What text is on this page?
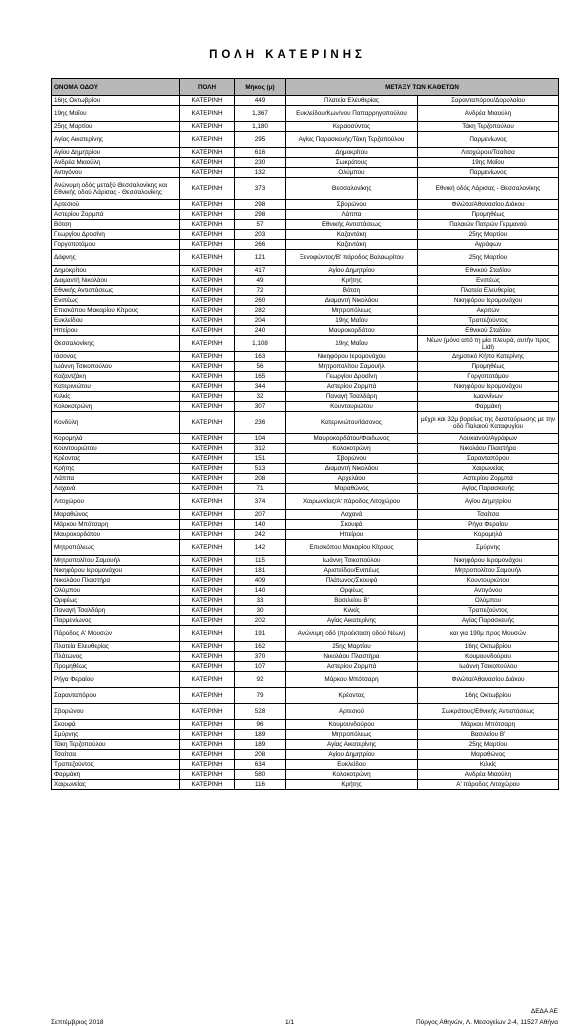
ΠΟΛΗ ΚΑΤΕΡΙΝΗΣ
ΟΝΟΜΑ ΟΔΟΥ	ΠΟΛΗ	Μήκος (μ)	ΜΕΤΑΞΥ ΤΩΝ ΚΑΘΕΤΩΝ	
16ης Οκτωβρίου	ΚΑΤΕΡΙΝΗ	449	Πλατεία Ελευθερίας	Σαρανταπόρου/Δορυλαίου
19ης Μαΐου	ΚΑΤΕΡΙΝΗ	1,367	Ευκλείδου/Κων/νου Παπαρρηγοπούλου	Ανδρέα Μιαούλη
25ης Μαρτίου	ΚΑΤΕΡΙΝΗ	1,180	Κεραοσύντος	Τάκη Τερζοπούλου
Αγίας Αικατερίνης	ΚΑΤΕΡΙΝΗ	295	Αγίας Παρασκευής/Τάκη Τερζοπούλου	Παρμενίωνος
Αγίου Δημητρίου	ΚΑΤΕΡΙΝΗ	616	Δημοκρίτου	Λιτοχώρου/Τσαίτσα
Ανδρέα Μιαούλη	ΚΑΤΕΡΙΝΗ	230	Σωκράτους	19ης Μαΐου
Αντιγόνου	ΚΑΤΕΡΙΝΗ	132	Ολύμπου	Παρμενίωνος
Ανώνυμη οδός μεταξύ Θεσσαλονίκης και Εθνικής οδού Λάρισας - Θεσσαλονίκης	ΚΑΤΕΡΙΝΗ	373	Θεσσαλονίκης	Εθνική οδός Λάρισας - Θεσσαλονίκης
Αρτεσιού	ΚΑΤΕΡΙΝΗ	298	Σβορώνου	Φιλώτα/Αθανασίου Διάκου
Αστερίου Ζορμπά	ΚΑΤΕΡΙΝΗ	298	Λάππα	Προμηθέως
Βότση	ΚΑΤΕΡΙΝΗ	57	Εθνικής Αντιστάσεως	Παλαιών Πατρών Γερμανού
Γεωργίου Δροσίνη	ΚΑΤΕΡΙΝΗ	203	Καζαντάκη	25ης Μαρτίου
Γοργοποτάμου	ΚΑΤΕΡΙΝΗ	266	Καζαντάκη	Αγράφων
Δάφνης	ΚΑΤΕΡΙΝΗ	121	Ξενοφώντος/Β' πάροδος Βαλαωρίτου	25ης Μαρτίου
Δημοκρίτου	ΚΑΤΕΡΙΝΗ	417	Αγίου Δημητρίου	Εθνικού Σταδίου
Διαμαντή Νικολάου	ΚΑΤΕΡΙΝΗ	49	Κρήτης	Ενιπέως
Εθνικής Αντιστάσεως	ΚΑΤΕΡΙΝΗ	72	Βότση	Πλατεία Ελευθερίας
Ενιπέως	ΚΑΤΕΡΙΝΗ	260	Διαμαντή Νικολάου	Νικηφόρου Ιερομονάχου
Επισκόπου Μακαρίου Κίτρους	ΚΑΤΕΡΙΝΗ	282	Μητροπόλεως	Ακριτών
Ευκλείδου	ΚΑΤΕΡΙΝΗ	204	19ης Μαΐου	Τραπεζούντος
Ηπείρου	ΚΑΤΕΡΙΝΗ	240	Μαυροκορδάτου	Εθνικού Σταδίου
Θεσσαλονίκης	ΚΑΤΕΡΙΝΗ	1,108	19ης Μαΐου	Νέων (μόνο από τη μία πλευρά, αυτήν προς Lidl)
Ιάσονος	ΚΑΤΕΡΙΝΗ	163	Νικηφόρου Ιερομονάχου	Δημοτικό Κήπο Κατερίνης
Ιωάννη Τσικοπούλου	ΚΑΤΕΡΙΝΗ	56	Μητροπολίτου Σαμουήλ	Προμηθέως
Καζαντζάκη	ΚΑΤΕΡΙΝΗ	165	Γεωργίου Δροσίνη	Γοργοποτάμου
Κατερινιώτου	ΚΑΤΕΡΙΝΗ	344	Αστερίου Ζορμπά	Νικηφόρου Ιερομονάχου
Κιλκίς	ΚΑΤΕΡΙΝΗ	32	Παναγή Τσαλδάρη	Ιωαννίνων
Κολοκοτρώνη	ΚΑΤΕΡΙΝΗ	307	Κουντουριώτου	Φαρμάκη
Κονδύλη	ΚΑΤΕΡΙΝΗ	236	Κατερινιώτου/Ιάσονος	μέχρι και 32μ βορείως της διασταύρωσης με την οδό Παλαιού Καταφυγίου
Κορομηλά	ΚΑΤΕΡΙΝΗ	104	Μαυροκορδάτου/Φαιδωνος	Λουκιανού/Αγράφων
Κουντουριώτου	ΚΑΤΕΡΙΝΗ	312	Κολοκοτρώνη	Νικολάου Πλαστήρα
Κρέοντας	ΚΑΤΕΡΙΝΗ	151	Σβορώνου	Σαρανταπόρου
Κρήτης	ΚΑΤΕΡΙΝΗ	513	Διαμαντή Νικολάου	Χαιρωνείας
Λάππα	ΚΑΤΕΡΙΝΗ	208	Αρχελάου	Αστερίου Ζορμπά
Λαχανά	ΚΑΤΕΡΙΝΗ	71	Μαραθώνος	Αγίας Παρασκευής
Λιτοχώρου	ΚΑΤΕΡΙΝΗ	374	Χαιρωνείας/Α' πάροδος Λιτοχώρου	Αγίου Δημητρίου
Μαραθώνος	ΚΑΤΕΡΙΝΗ	207	Λαχανά	Τσαίτσα
Μάρκου Μπότσαρη	ΚΑΤΕΡΙΝΗ	140	Σκουφά	Ρήγα Φεραίου
Μαυροκορδάτου	ΚΑΤΕΡΙΝΗ	242	Ηπείρου	Κορομηλά
Μητροπόλεως	ΚΑΤΕΡΙΝΗ	142	Επισκόπου Μακαρίου Κίτρους	Σμύρνης
Μητροπολίτου Σαμουήλ	ΚΑΤΕΡΙΝΗ	115	Ιωάννη Τσικοπούλου	Νικηφόρου Ιερομονάχου
Νικηφόρου Ιερομονάχου	ΚΑΤΕΡΙΝΗ	181	Αριστείδου/Ενιπέως	Μητροπολίτου Σαμουήλ
Νικολάου Πλαστήρα	ΚΑΤΕΡΙΝΗ	409	Πλάτωνος/Σκουφά	Κουντουριώτου
Ολύμπου	ΚΑΤΕΡΙΝΗ	140	Ορφέως	Αντιγόνου
Ορφέως	ΚΑΤΕΡΙΝΗ	33	Βασιλείου Β'	Ολύμπου
Παναγή Τσαλδάρη	ΚΑΤΕΡΙΝΗ	30	Κιλκίς	Τραπεζούντος
Παρμενίωνος	ΚΑΤΕΡΙΝΗ	202	Αγίας Αικατερίνης	Αγίας Παρασκευής
Πάροδος Α' Μουσών	ΚΑΤΕΡΙΝΗ	191	Ανώνυμη οδό (προέκταση οδού Νέων)	και για 190μ προς Μουσών
Πλατεία Ελευθερίας	ΚΑΤΕΡΙΝΗ	162	25ης Μαρτίου	16ης Οκτωβρίου
Πλάτωνος	ΚΑΤΕΡΙΝΗ	370	Νικολάου Πλαστήρα	Κουμουνδούρου
Προμηθέως	ΚΑΤΕΡΙΝΗ	107	Αστερίου Ζορμπά	Ιωάννη Τσικοπούλου
Ρήγα Φεραίου	ΚΑΤΕΡΙΝΗ	92	Μάρκου Μπότσαρη	Φιλώτα/Αθανασίου Διάκου
Σαρανταπόρου	ΚΑΤΕΡΙΝΗ	79	Κρέοντας	16ης Οκτωβρίου
Σβορώνου	ΚΑΤΕΡΙΝΗ	528	Αρτεσιού	Σωκράτους/Εθνικής Αντιστάσεως
Σκουφά	ΚΑΤΕΡΙΝΗ	96	Κουμουνδούρου	Μάρκου Μπότσαρη
Σμύρνης	ΚΑΤΕΡΙΝΗ	189	Μητροπόλεως	Βασιλείου Β'
Τάκη Τερζοπούλου	ΚΑΤΕΡΙΝΗ	189	Αγίας Αικατερίνης	25ης Μαρτίου
Τσαίτσα	ΚΑΤΕΡΙΝΗ	208	Αγίου Δημητρίου	Μαραθώνος
Τραπεζούντος	ΚΑΤΕΡΙΝΗ	634	Ευκλείδου	Κιλκίς
Φαρμάκη	ΚΑΤΕΡΙΝΗ	580	Κολοκοτρώνη	Ανδρέα Μιαούλη
Χαιρωνείας	ΚΑΤΕΡΙΝΗ	116	Κρήτης	Α' πάροδος Λιτοχώρου
Σεπτέμβριος 2018	1/1
ΔΕΔΑ ΑΕ
Πύργος Αθηνών, Λ. Μεσογείων 2-4, 11527 Αθήνα
